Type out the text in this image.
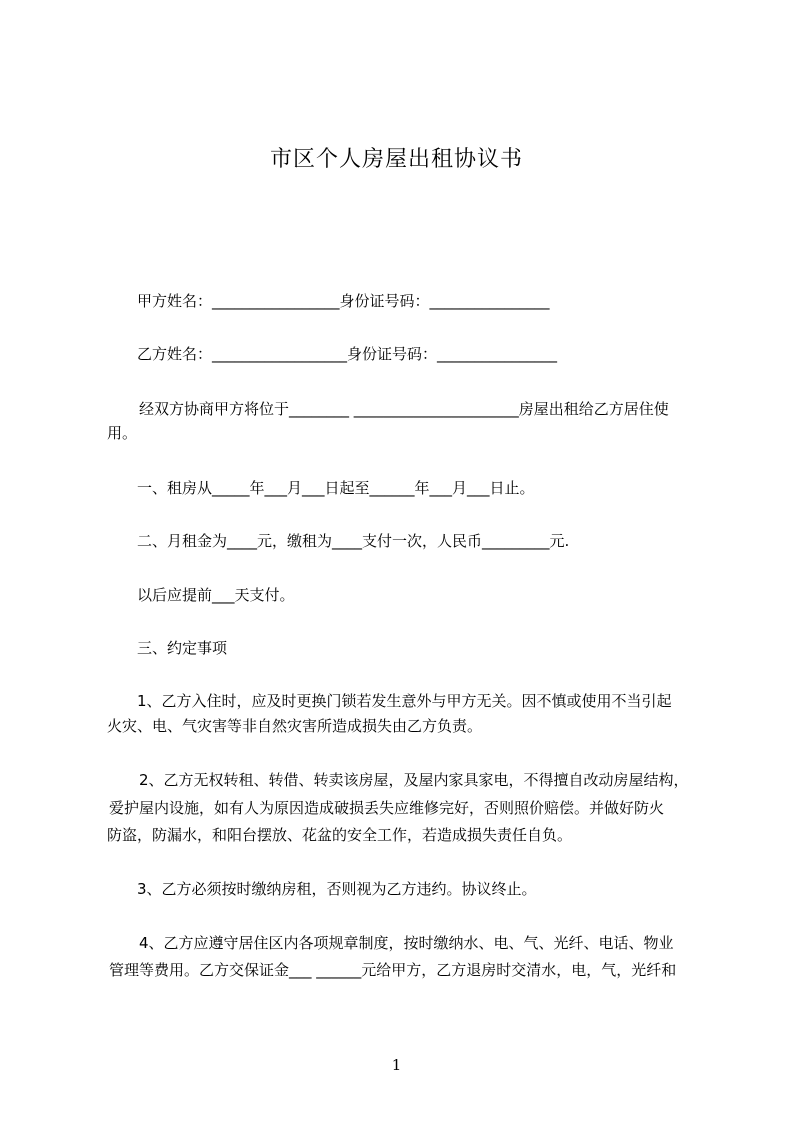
市区个人房屋出租协议书
甲方姓名：_________________身份证号码：________________
乙方姓名：__________________身份证号码：________________
经双方协商甲方将位于________ ______________________房屋出租给乙方居住使
用。
一、租房从_____年___月___日起至______年___月___日止。
二、月租金为____元，缴租为____支付一次，人民币_________元.
以后应提前___天支付。
三、约定事项
1、乙方入住时，应及时更换门锁若发生意外与甲方无关。因不慎或使用不当引起
火灾、电、气灾害等非自然灾害所造成损失由乙方负责。
2、乙方无权转租、转借、转卖该房屋，及屋内家具家电，不得擅自改动房屋结构，
爱护屋内设施，如有人为原因造成破损丢失应维修完好，否则照价赔偿。并做好防火
防盗，防漏水，和阳台摆放、花盆的安全工作，若造成损失责任自负。
3、乙方必须按时缴纳房租，否则视为乙方违约。协议终止。
4、乙方应遵守居住区内各项规章制度，按时缴纳水、电、气、光纤、电话、物业
管理等费用。乙方交保证金___ ______元给甲方，乙方退房时交清水，电，气，光纤和
1
